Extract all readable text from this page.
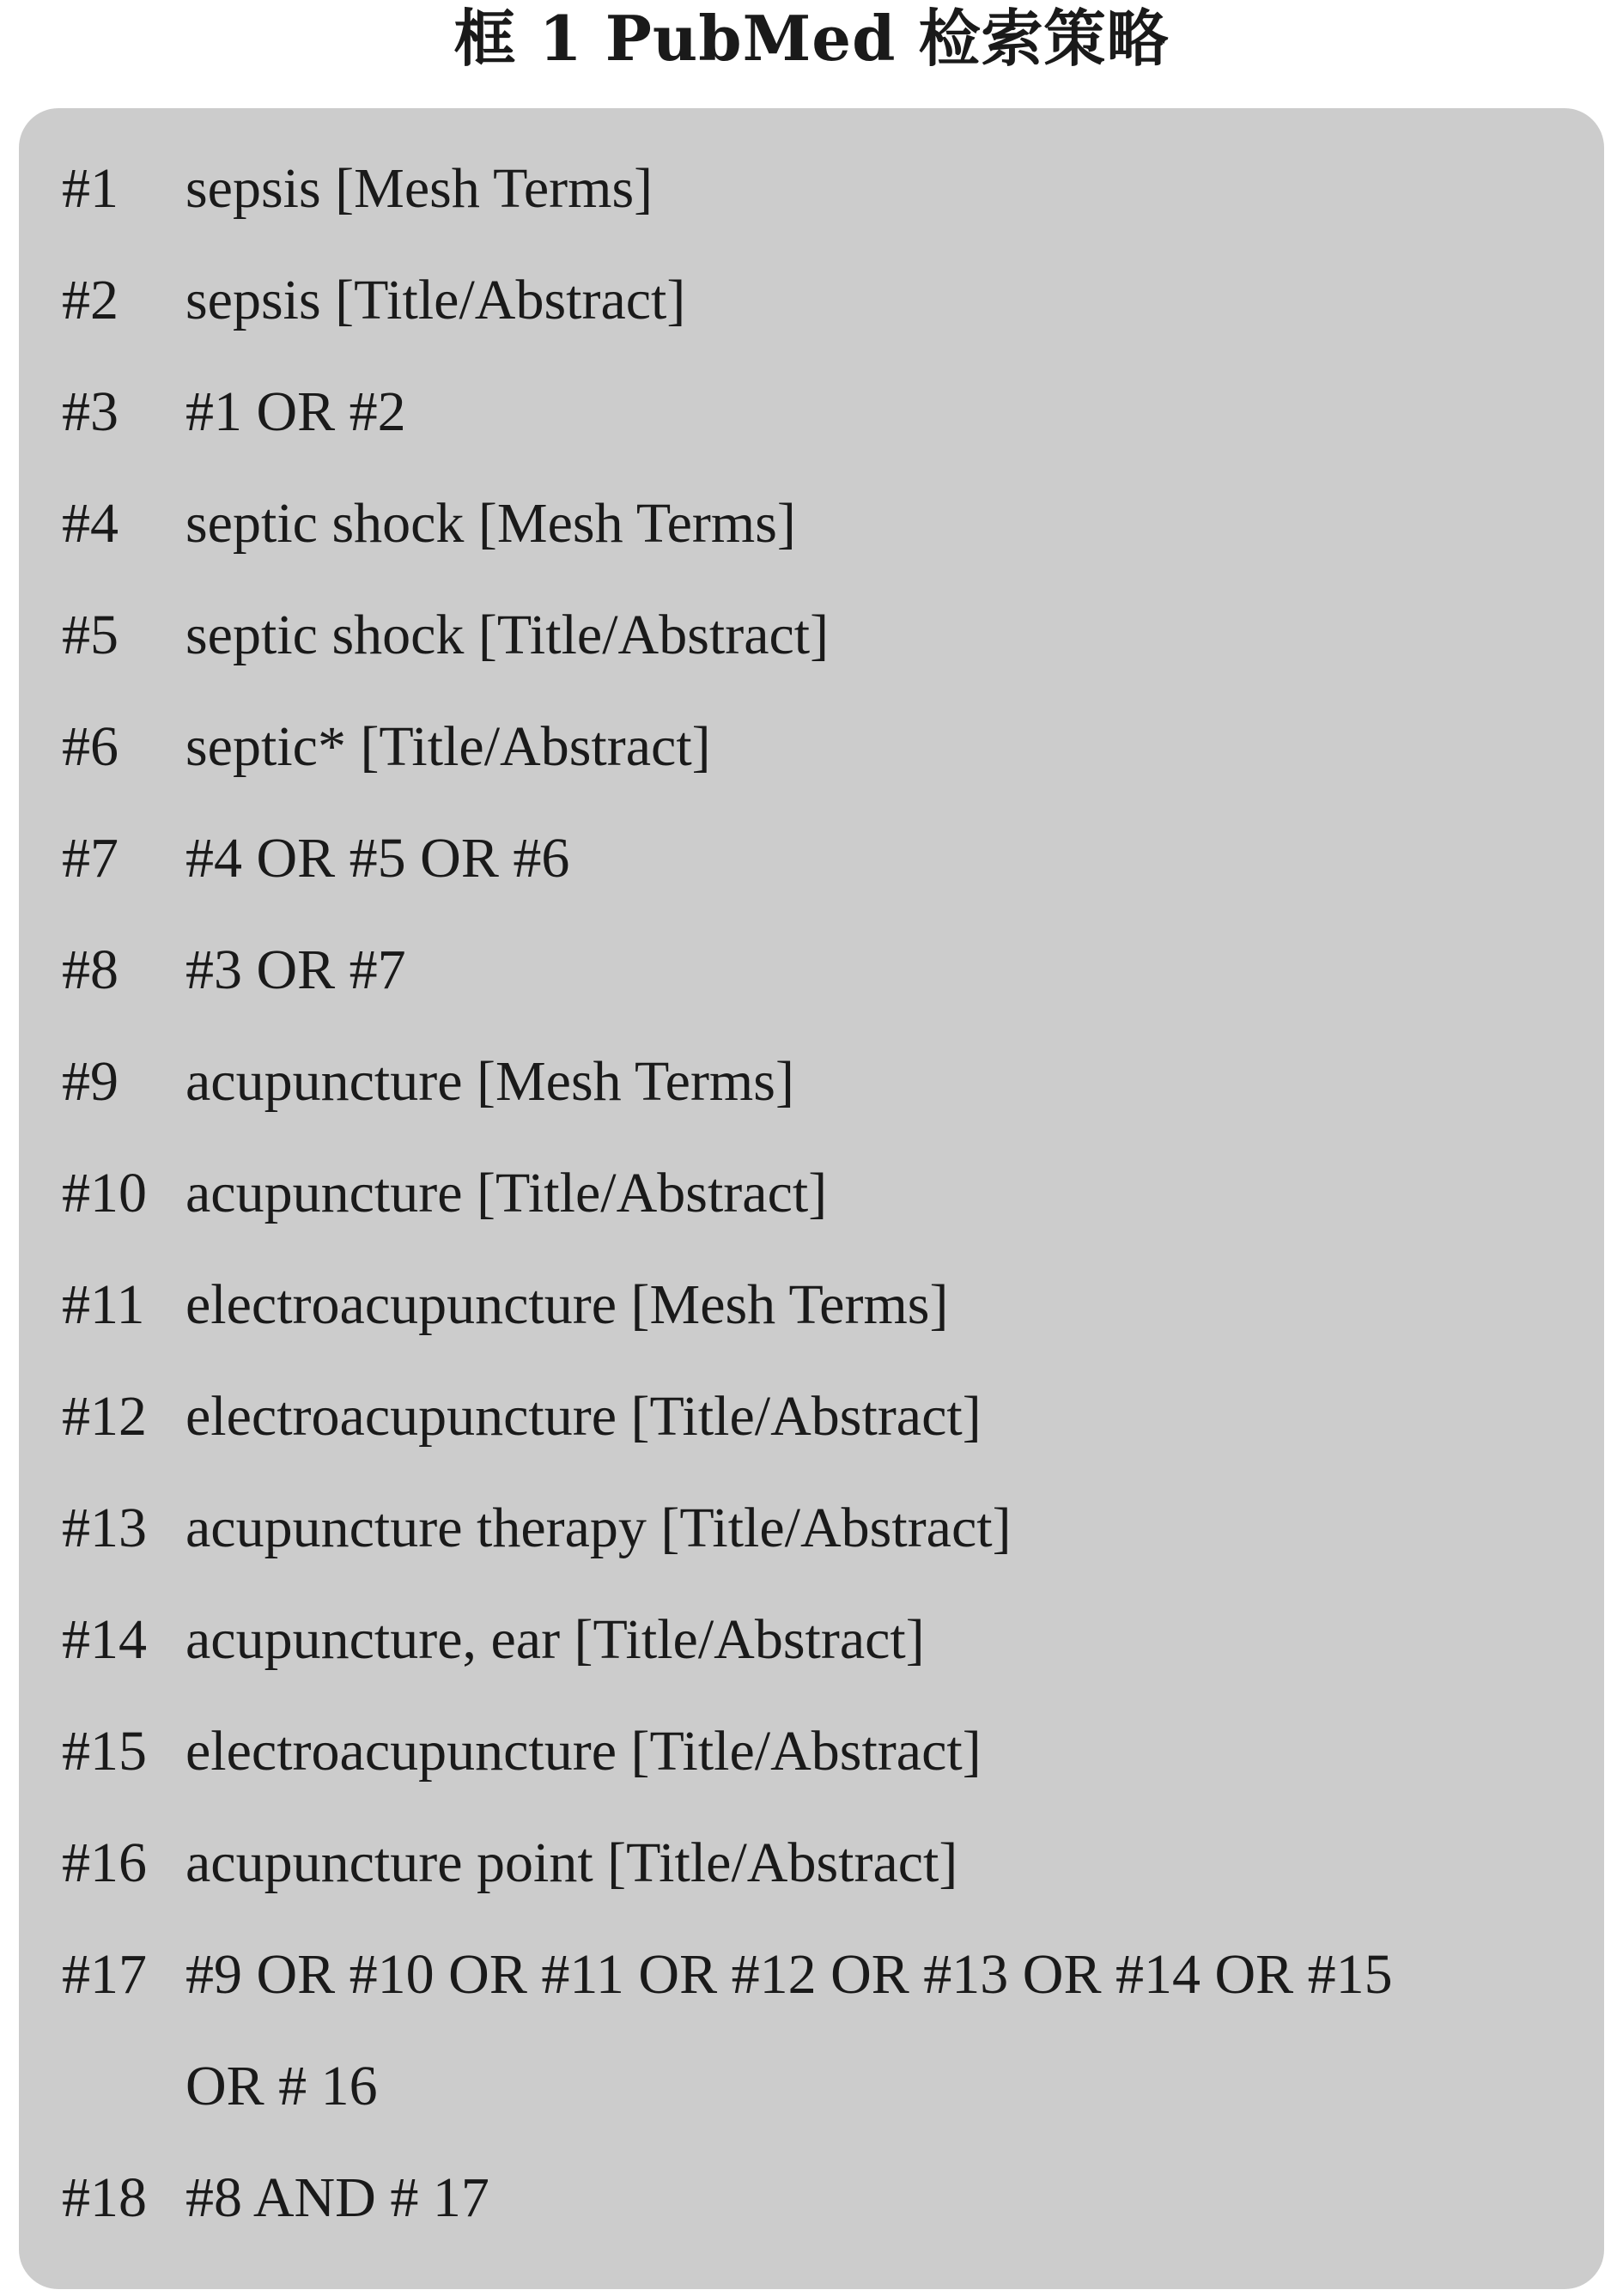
框 1 PubMed 检索策略
#1	sepsis [Mesh Terms]
#2	sepsis [Title/Abstract]
#3	#1 OR #2
#4	septic shock [Mesh Terms]
#5	septic shock [Title/Abstract]
#6	septic* [Title/Abstract]
#7	#4 OR #5 OR #6
#8	#3 OR #7
#9	acupuncture [Mesh Terms]
#10 acupuncture [Title/Abstract]
#11 electroacupuncture [Mesh Terms]
#12 electroacupuncture [Title/Abstract]
#13 acupuncture therapy [Title/Abstract]
#14 acupuncture, ear [Title/Abstract]
#15 electroacupuncture [Title/Abstract]
#16 acupuncture point [Title/Abstract]
#17 #9 OR #10 OR #11 OR #12 OR #13 OR #14 OR #15
OR # 16
#18 #8 AND # 17
